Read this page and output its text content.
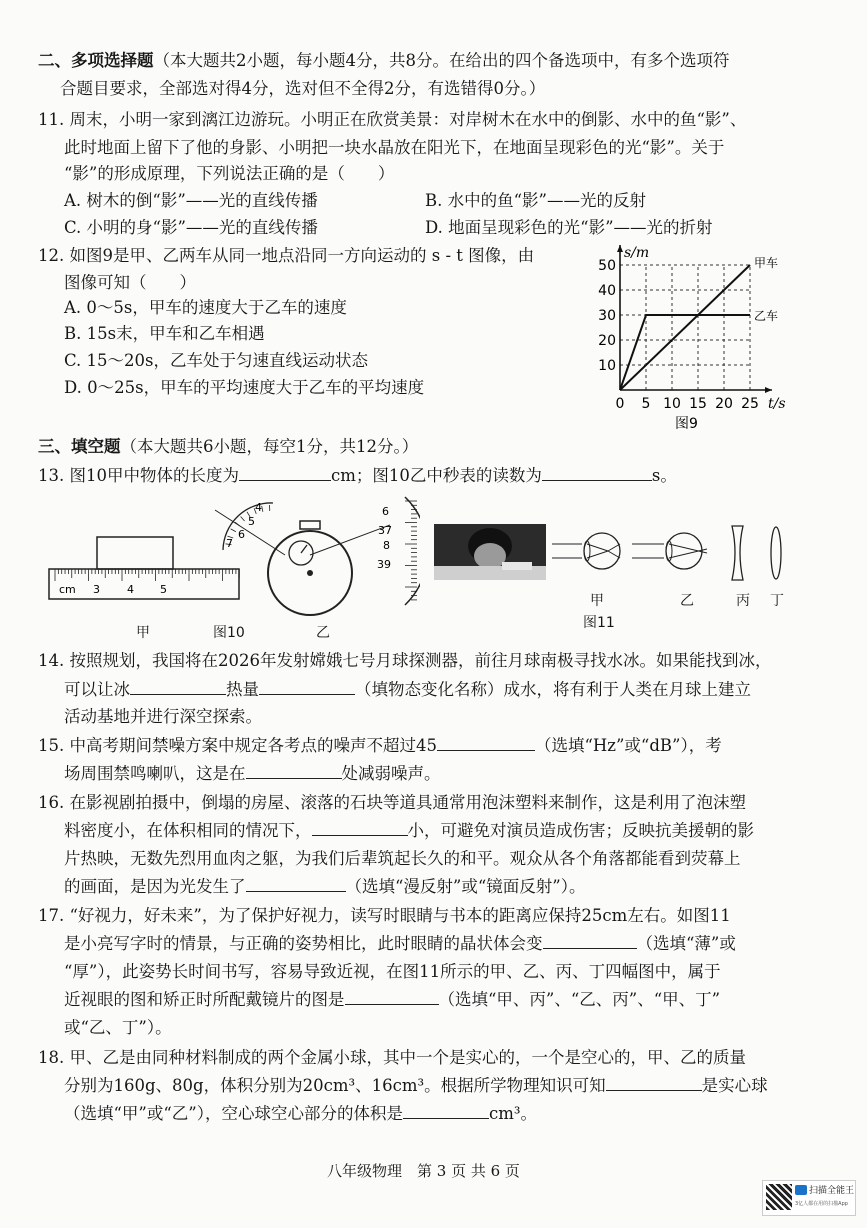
二、多项选择题（本大题共2小题，每小题4分，共8分。在给出的四个备选项中，有多个选项符
合题目要求，全部选对得4分，选对但不全得2分，有选错得0分。）
11. 周末，小明一家到漓江边游玩。小明正在欣赏美景：对岸树木在水中的倒影、水中的鱼“影”、
此时地面上留下了他的身影、小明把一块水晶放在阳光下，在地面呈现彩色的光“影”。关于
“影”的形成原理，下列说法正确的是（　　）
A. 树木的倒“影”——光的直线传播	B. 水中的鱼“影”——光的反射
C. 小明的身“影”——光的直线传播	D. 地面呈现彩色的光“影”——光的折射
12. 如图9是甲、乙两车从同一地点沿同一方向运动的 s - t 图像，由
图像可知（　　）
A. 0～5s，甲车的速度大于乙车的速度
B. 15s末，甲车和乙车相遇
C. 15～20s，乙车处于匀速直线运动状态
D. 0～25s，甲车的平均速度大于乙车的平均速度
0 5 10 15 20 25
10
20
30
40
50
s/m
t/s
甲车
乙车
图9
三、填空题（本大题共6小题，每空1分，共12分。）
13. 图10甲中物体的长度为	cm；图10乙中秒表的读数为	s。
cm 3 4 5
4
5
6
7
6
37
8
39
甲	图10	乙
甲	乙	丙 丁
图11
14. 按照规划，我国将在2026年发射嫦娥七号月球探测器，前往月球南极寻找水冰。如果能找到冰，
可以让冰	热量	（填物态变化名称）成水，将有利于人类在月球上建立
活动基地并进行深空探索。
15. 中高考期间禁噪方案中规定各考点的噪声不超过45	（选填“Hz”或“dB”），考
场周围禁鸣喇叭，这是在	处减弱噪声。
16. 在影视剧拍摄中，倒塌的房屋、滚落的石块等道具通常用泡沫塑料来制作，这是利用了泡沫塑
料密度小，在体积相同的情况下，	小，可避免对演员造成伤害；反映抗美援朝的影
片热映，无数先烈用血肉之躯，为我们后辈筑起长久的和平。观众从各个角落都能看到荧幕上
的画面，是因为光发生了	（选填“漫反射”或“镜面反射”）。
17. “好视力，好未来”，为了保护好视力，读写时眼睛与书本的距离应保持25cm左右。如图11
是小亮写字时的情景，与正确的姿势相比，此时眼睛的晶状体会变	（选填“薄”或
“厚”），此姿势长时间书写，容易导致近视，在图11所示的甲、乙、丙、丁四幅图中，属于
近视眼的图和矫正时所配戴镜片的图是	（选填“甲、丙”、“乙、丙”、“甲、丁”
或“乙、丁”）。
18. 甲、乙是由同种材料制成的两个金属小球，其中一个是实心的，一个是空心的，甲、乙的质量
分别为160g、80g，体积分别为20cm³、16cm³。根据所学物理知识可知	是实心球
（选填“甲”或“乙”），空心球空心部分的体积是	cm³。
八年级物理　第 3 页 共 6 页
扫描全能王
3亿人都在用的扫描App
